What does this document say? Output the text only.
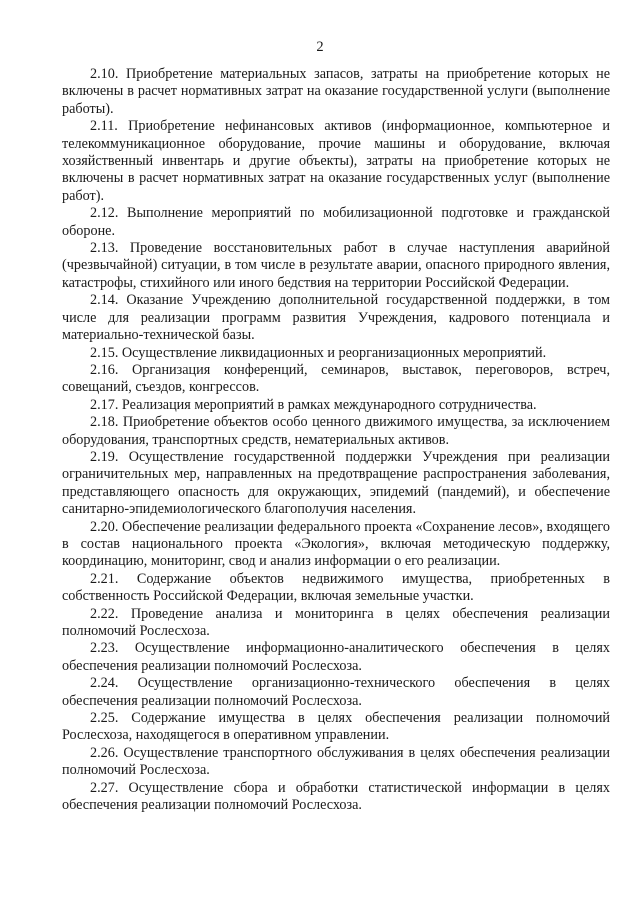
2

2.10. Приобретение материальных запасов, затраты на приобретение которых не включены в расчет нормативных затрат на оказание государственной услуги (выполнение работы).

2.11. Приобретение нефинансовых активов (информационное, компьютерное и телекоммуникационное оборудование, прочие машины и оборудование, включая хозяйственный инвентарь и другие объекты), затраты на приобретение которых не включены в расчет нормативных затрат на оказание государственных услуг (выполнение работ).

2.12. Выполнение мероприятий по мобилизационной подготовке и гражданской обороне.

2.13. Проведение восстановительных работ в случае наступления аварийной (чрезвычайной) ситуации, в том числе в результате аварии, опасного природного явления, катастрофы, стихийного или иного бедствия на территории Российской Федерации.

2.14. Оказание Учреждению дополнительной государственной поддержки, в том числе для реализации программ развития Учреждения, кадрового потенциала и материально-технической базы.

2.15. Осуществление ликвидационных и реорганизационных мероприятий.

2.16. Организация конференций, семинаров, выставок, переговоров, встреч, совещаний, съездов, конгрессов.

2.17. Реализация мероприятий в рамках международного сотрудничества.

2.18. Приобретение объектов особо ценного движимого имущества, за исключением оборудования, транспортных средств, нематериальных активов.

2.19. Осуществление государственной поддержки Учреждения при реализации ограничительных мер, направленных на предотвращение распространения заболевания, представляющего опасность для окружающих, эпидемий (пандемий), и обеспечение санитарно-эпидемиологического благополучия населения.

2.20. Обеспечение реализации федерального проекта «Сохранение лесов», входящего в состав национального проекта «Экология», включая методическую поддержку, координацию, мониторинг, свод и анализ информации о его реализации.

2.21. Содержание объектов недвижимого имущества, приобретенных в собственность Российской Федерации, включая земельные участки.

2.22. Проведение анализа и мониторинга в целях обеспечения реализации полномочий Рослесхоза.

2.23. Осуществление информационно-аналитического обеспечения в целях обеспечения реализации полномочий Рослесхоза.

2.24. Осуществление организационно-технического обеспечения в целях обеспечения реализации полномочий Рослесхоза.

2.25. Содержание имущества в целях обеспечения реализации полномочий Рослесхоза, находящегося в оперативном управлении.

2.26. Осуществление транспортного обслуживания в целях обеспечения реализации полномочий Рослесхоза.

2.27. Осуществление сбора и обработки статистической информации в целях обеспечения реализации полномочий Рослесхоза.
